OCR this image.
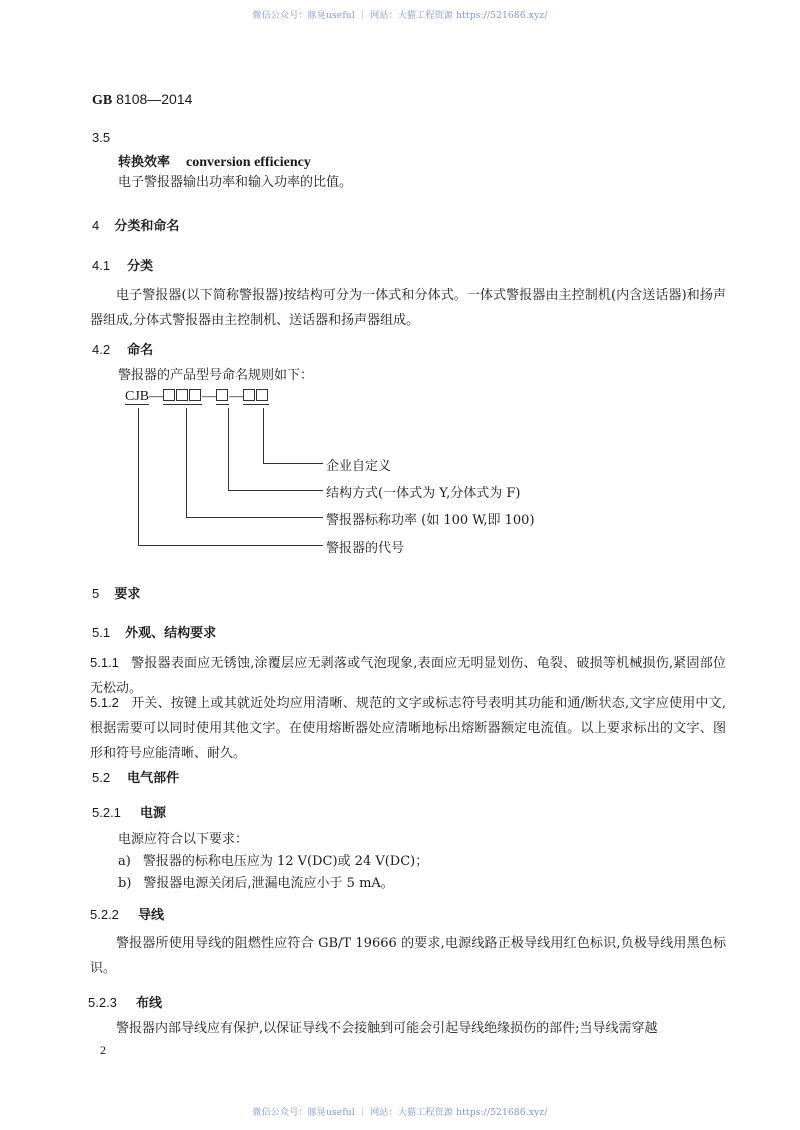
微信公众号：豚晃useful ｜ 网站：大猫工程资源 https://521686.xyz/
GB 8108—2014
3.5
转换效率 conversion efficiency
电子警报器输出功率和输入功率的比值。
4 分类和命名
4.1 分类
电子警报器(以下简称警报器)按结构可分为一体式和分体式。一体式警报器由主控制机(内含送话器)和扬声器组成,分体式警报器由主控制机、送话器和扬声器组成。
4.2 命名
警报器的产品型号命名规则如下：
CJB—	— —
企业自定义
结构方式(一体式为 Y,分体式为 F)
警报器标称功率 (如 100 W,即 100)
警报器的代号
5 要求
5.1 外观、结构要求
5.1.1 警报器表面应无锈蚀,涂覆层应无剥落或气泡现象,表面应无明显划伤、龟裂、破损等机械损伤,紧固部位无松动。
5.1.2 开关、按键上或其就近处均应用清晰、规范的文字或标志符号表明其功能和通/断状态,文字应使用中文,根据需要可以同时使用其他文字。在使用熔断器处应清晰地标出熔断器额定电流值。以上要求标出的文字、图形和符号应能清晰、耐久。
5.2 电气部件
5.2.1 电源
电源应符合以下要求：
a) 警报器的标称电压应为 12 V(DC)或 24 V(DC)；
b) 警报器电源关闭后,泄漏电流应小于 5 mA。
5.2.2 导线
警报器所使用导线的阻燃性应符合 GB/T 19666 的要求,电源线路正极导线用红色标识,负极导线用黑色标识。
5.2.3 布线
警报器内部导线应有保护,以保证导线不会接触到可能会引起导线绝缘损伤的部件;当导线需穿越
2
微信公众号：豚晃useful ｜ 网站：大猫工程资源 https://521686.xyz/
